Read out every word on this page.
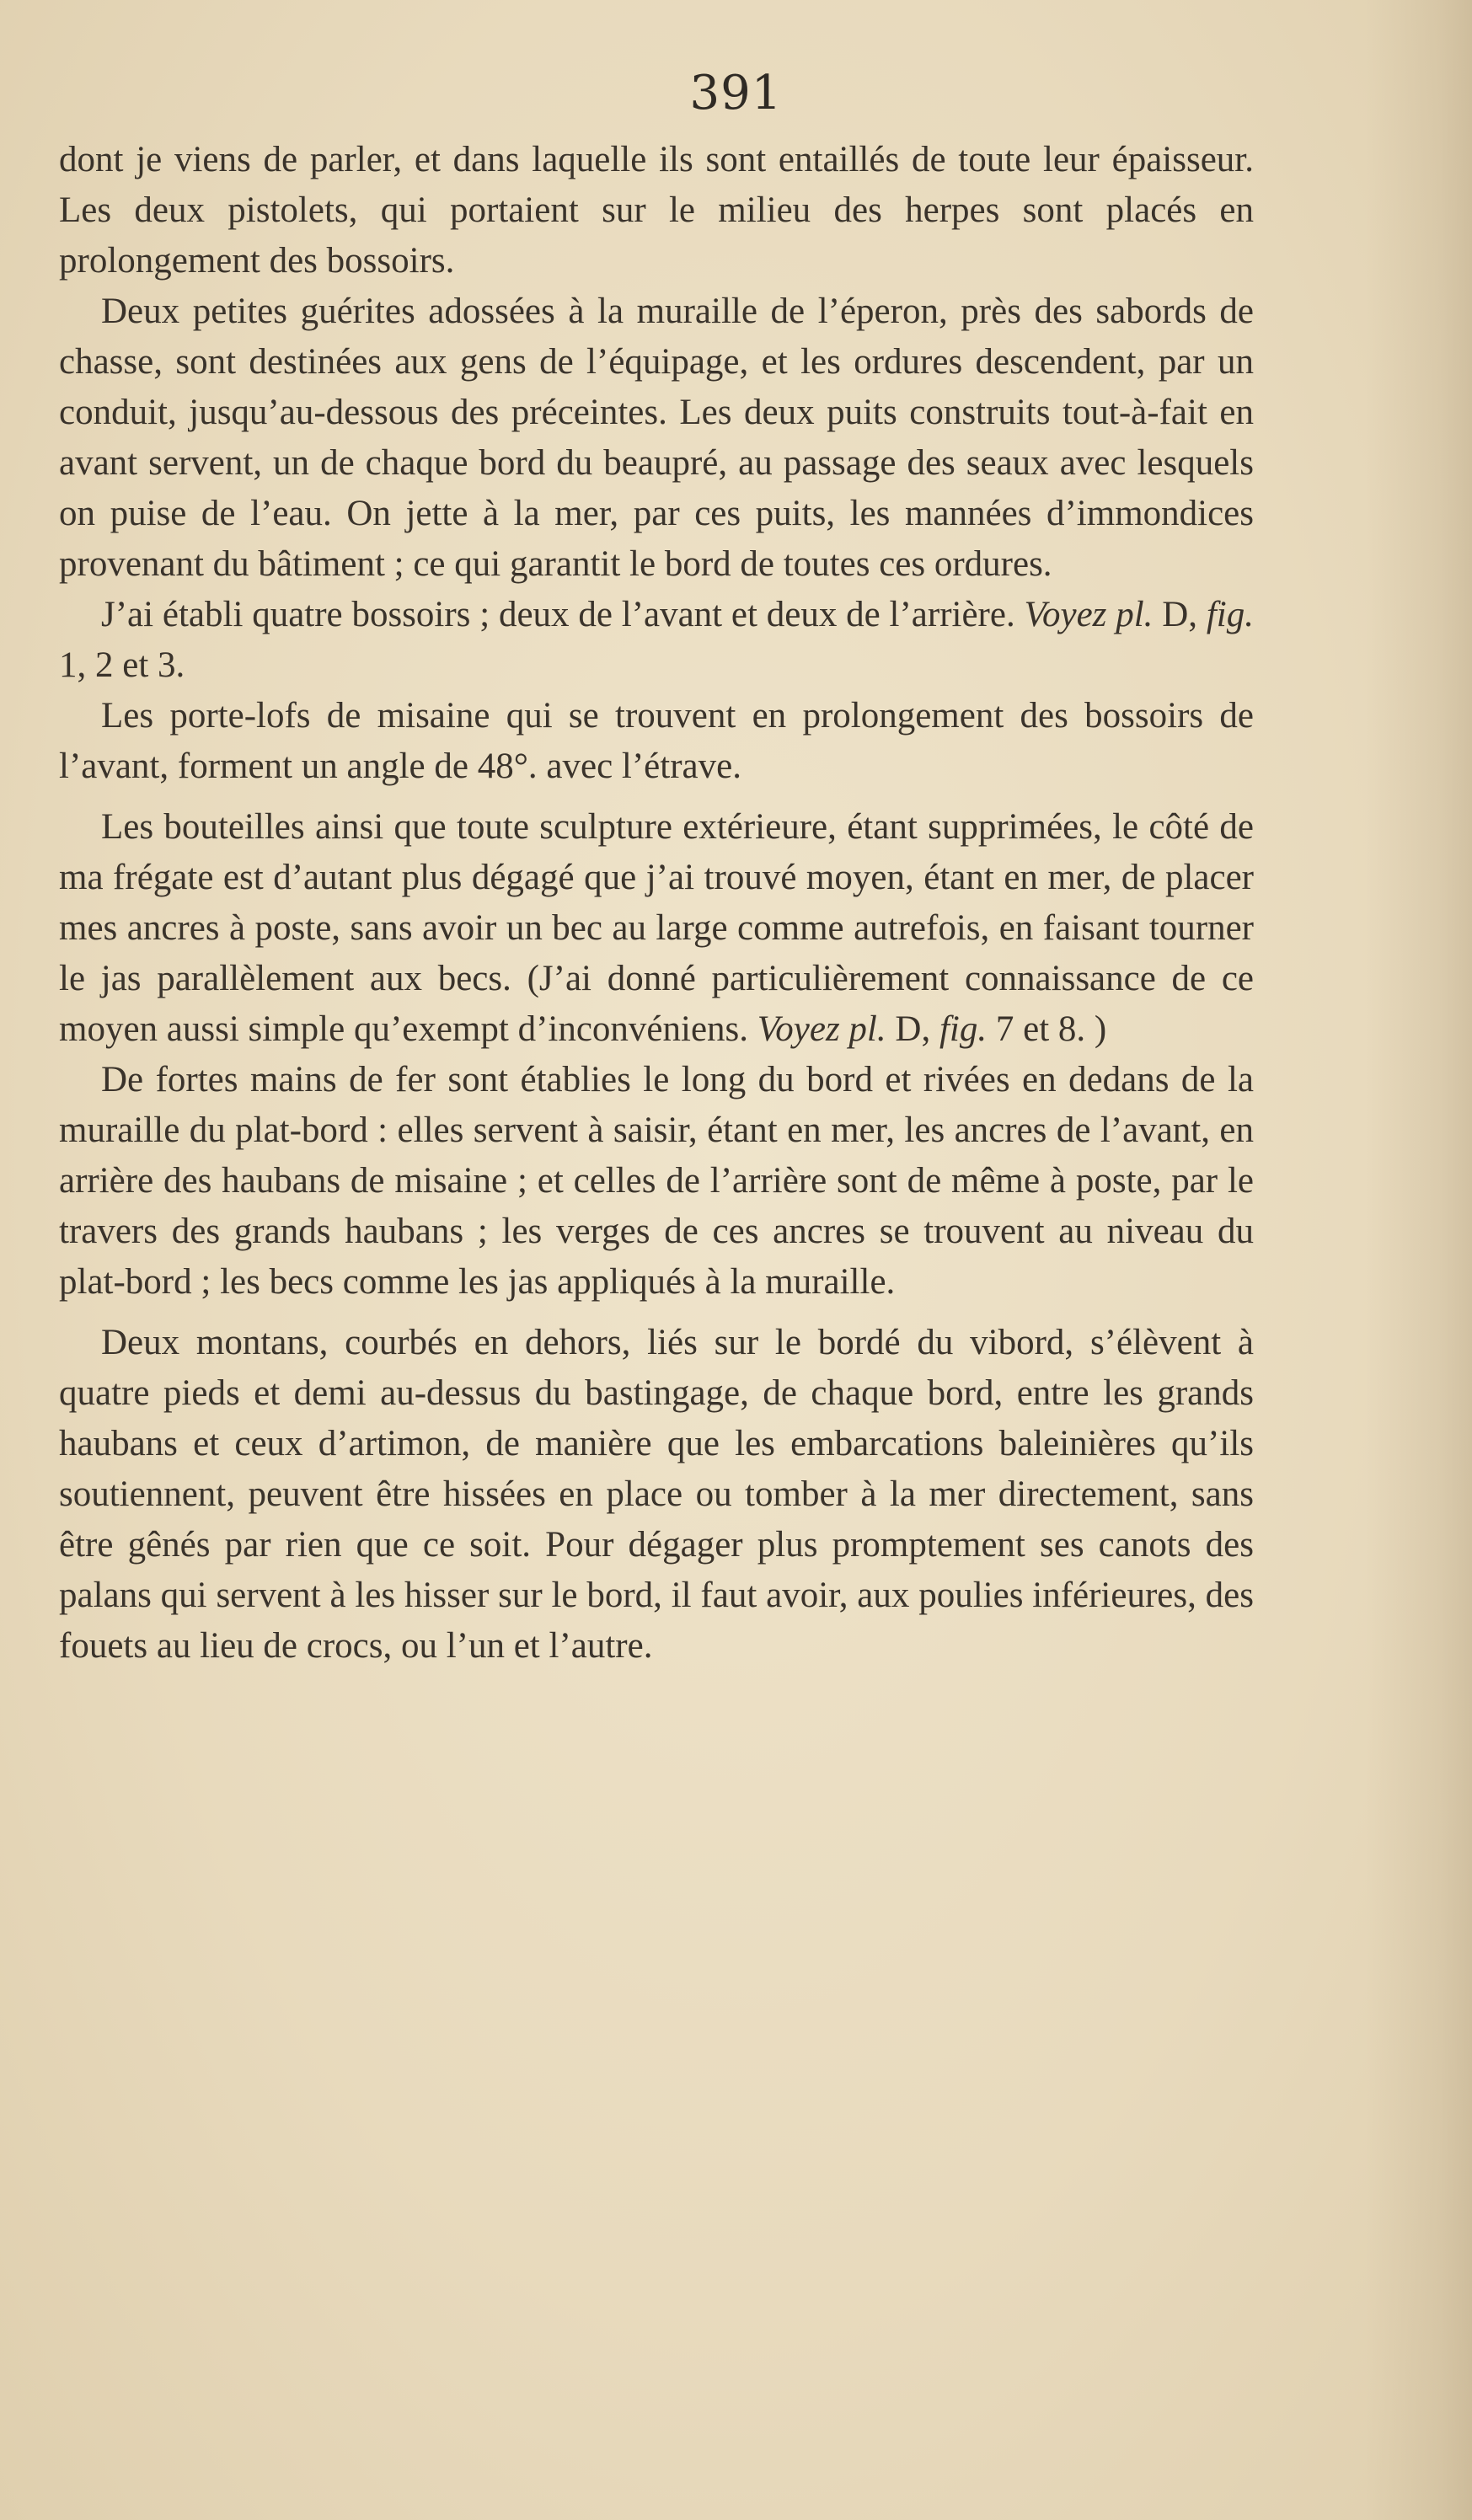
391

dont je viens de parler, et dans laquelle ils sont entaillés de toute leur épaisseur. Les deux pistolets, qui portaient sur le milieu des herpes sont placés en prolongement des bossoirs.

Deux petites guérites adossées à la muraille de l’éperon, près des sabords de chasse, sont destinées aux gens de l’équipage, et les ordures descendent, par un conduit, jusqu’au-dessous des préceintes. Les deux puits construits tout-à-fait en avant servent, un de chaque bord du beaupré, au passage des seaux avec lesquels on puise de l’eau. On jette à la mer, par ces puits, les mannées d’immondices provenant du bâtiment ; ce qui garantit le bord de toutes ces ordures.

J’ai établi quatre bossoirs ; deux de l’avant et deux de l’arrière. Voyez pl. D, fig. 1, 2 et 3.

Les porte-lofs de misaine qui se trouvent en prolongement des bossoirs de l’avant, forment un angle de 48°. avec l’étrave.

Les bouteilles ainsi que toute sculpture extérieure, étant supprimées, le côté de ma frégate est d’autant plus dégagé que j’ai trouvé moyen, étant en mer, de placer mes ancres à poste, sans avoir un bec au large comme autrefois, en faisant tourner le jas parallèlement aux becs. (J’ai donné particulièrement connaissance de ce moyen aussi simple qu’exempt d’inconvéniens. Voyez pl. D, fig. 7 et 8. )

De fortes mains de fer sont établies le long du bord et rivées en dedans de la muraille du plat-bord : elles servent à saisir, étant en mer, les ancres de l’avant, en arrière des haubans de misaine ; et celles de l’arrière sont de même à poste, par le travers des grands haubans ; les verges de ces ancres se trouvent au niveau du plat-bord ; les becs comme les jas appliqués à la muraille.

Deux montans, courbés en dehors, liés sur le bordé du vibord, s’élèvent à quatre pieds et demi au-dessus du bastingage, de chaque bord, entre les grands haubans et ceux d’artimon, de manière que les embarcations baleinières qu’ils soutiennent, peuvent être hissées en place ou tomber à la mer directement, sans être gênés par rien que ce soit. Pour dégager plus promptement ses canots des palans qui servent à les hisser sur le bord, il faut avoir, aux poulies inférieures, des fouets au lieu de crocs, ou l’un et l’autre.
